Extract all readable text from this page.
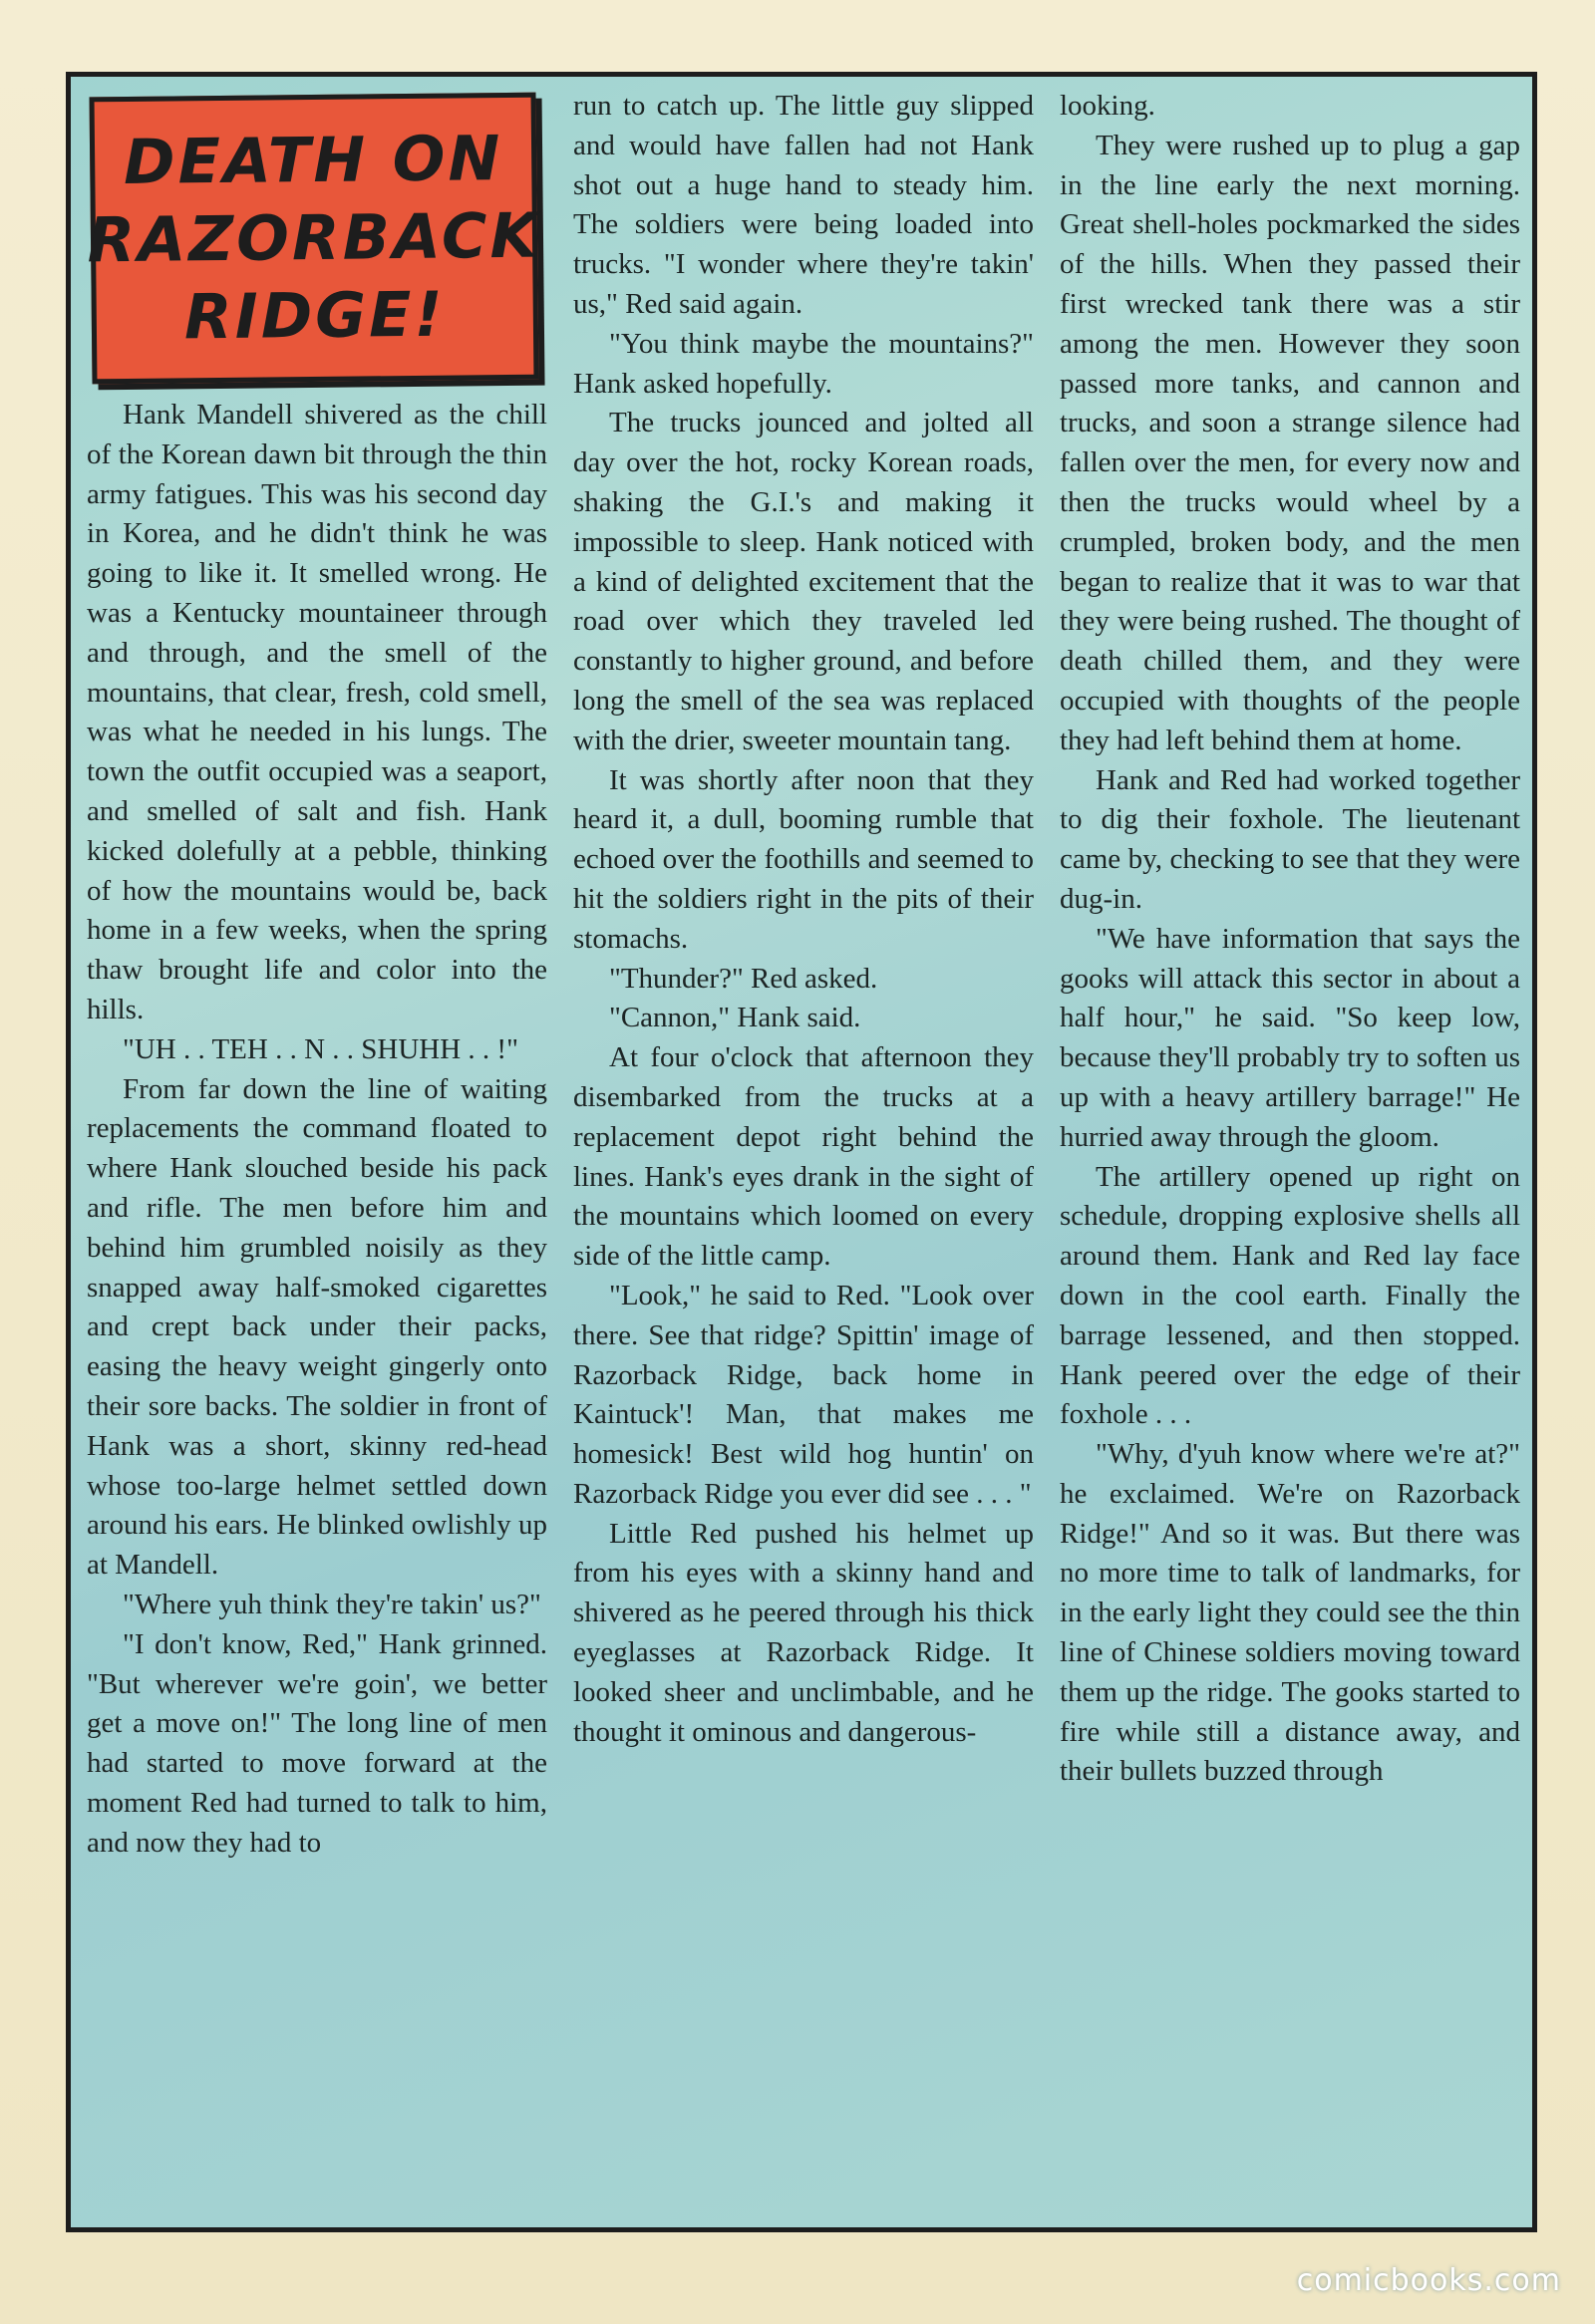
DEATH ON
RAZORBACK
RIDGE!

Hank Mandell shivered as the chill of the Korean dawn bit through the thin army fatigues. This was his second day in Korea, and he didn't think he was going to like it. It smelled wrong. He was a Kentucky mountaineer through and through, and the smell of the mountains, that clear, fresh, cold smell, was what he needed in his lungs. The town the outfit occupied was a seaport, and smelled of salt and fish. Hank kicked dolefully at a pebble, thinking of how the mountains would be, back home in a few weeks, when the spring thaw brought life and color into the hills.

"UH . . TEH . . N . . SHUHH . . !"

From far down the line of waiting replacements the command floated to where Hank slouched beside his pack and rifle. The men before him and behind him grumbled noisily as they snapped away half-smoked cigarettes and crept back under their packs, easing the heavy weight gingerly onto their sore backs. The soldier in front of Hank was a short, skinny red-head whose too-large helmet settled down around his ears. He blinked owlishly up at Mandell.

"Where yuh think they're takin' us?"

"I don't know, Red," Hank grinned. "But wherever we're goin', we better get a move on!" The long line of men had started to move forward at the moment Red had turned to talk to him, and now they had to

run to catch up. The little guy slipped and would have fallen had not Hank shot out a huge hand to steady him. The soldiers were being loaded into trucks. "I wonder where they're takin' us," Red said again.

"You think maybe the mountains?" Hank asked hopefully.

The trucks jounced and jolted all day over the hot, rocky Korean roads, shaking the G.I.'s and making it impossible to sleep. Hank noticed with a kind of delighted excitement that the road over which they traveled led constantly to higher ground, and before long the smell of the sea was replaced with the drier, sweeter mountain tang.

It was shortly after noon that they heard it, a dull, booming rumble that echoed over the foothills and seemed to hit the soldiers right in the pits of their stomachs.

"Thunder?" Red asked.

"Cannon," Hank said.

At four o'clock that afternoon they disembarked from the trucks at a replacement depot right behind the lines. Hank's eyes drank in the sight of the mountains which loomed on every side of the little camp.

"Look," he said to Red. "Look over there. See that ridge? Spittin' image of Razorback Ridge, back home in Kaintuck'! Man, that makes me homesick! Best wild hog huntin' on Razorback Ridge you ever did see . . . "

Little Red pushed his helmet up from his eyes with a skinny hand and shivered as he peered through his thick eyeglasses at Razorback Ridge. It looked sheer and unclimbable, and he thought it ominous and dangerous-

looking.

They were rushed up to plug a gap in the line early the next morning. Great shell-holes pockmarked the sides of the hills. When they passed their first wrecked tank there was a stir among the men. However they soon passed more tanks, and cannon and trucks, and soon a strange silence had fallen over the men, for every now and then the trucks would wheel by a crumpled, broken body, and the men began to realize that it was to war that they were being rushed. The thought of death chilled them, and they were occupied with thoughts of the people they had left behind them at home.

Hank and Red had worked together to dig their foxhole. The lieutenant came by, checking to see that they were dug-in.

"We have information that says the gooks will attack this sector in about a half hour," he said. "So keep low, because they'll probably try to soften us up with a heavy artillery barrage!" He hurried away through the gloom.

The artillery opened up right on schedule, dropping explosive shells all around them. Hank and Red lay face down in the cool earth. Finally the barrage lessened, and then stopped. Hank peered over the edge of their foxhole . . .

"Why, d'yuh know where we're at?" he exclaimed. We're on Razorback Ridge!" And so it was. But there was no more time to talk of landmarks, for in the early light they could see the thin line of Chinese soldiers moving toward them up the ridge. The gooks started to fire while still a distance away, and their bullets buzzed through

comicbooks.com
